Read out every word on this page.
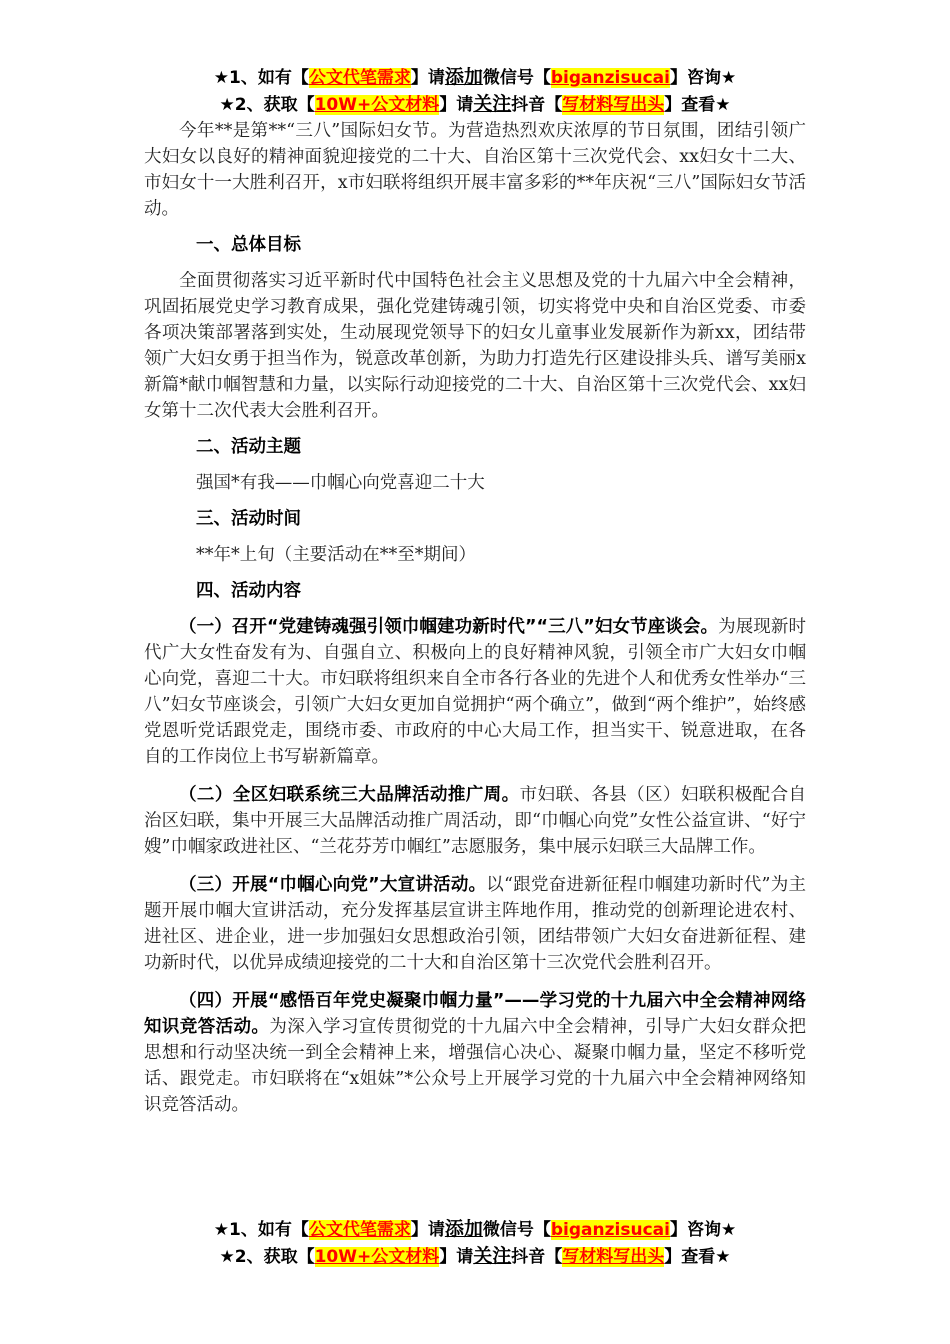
★1、如有【公文代笔需求】请添加微信号【biganzisucai】咨询★
★2、获取【10W+公文材料】请关注抖音【写材料写出头】查看★

今年**是第**“三八”国际妇女节。为营造热烈欢庆浓厚的节日氛围，团结引领广大妇女以良好的精神面貌迎接党的二十大、自治区第十三次党代会、xx妇女十二大、市妇女十一大胜利召开，x市妇联将组织开展丰富多彩的**年庆祝“三八”国际妇女节活动。

一、总体目标

全面贯彻落实习近平新时代中国特色社会主义思想及党的十九届六中全会精神，巩固拓展党史学习教育成果，强化党建铸魂引领，切实将党中央和自治区党委、市委各项决策部署落到实处，生动展现党领导下的妇女儿童事业发展新作为新xx，团结带领广大妇女勇于担当作为，锐意改革创新，为助力打造先行区建设排头兵、谱写美丽x新篇*献巾帼智慧和力量，以实际行动迎接党的二十大、自治区第十三次党代会、xx妇女第十二次代表大会胜利召开。

二、活动主题

强国*有我——巾帼心向党喜迎二十大

三、活动时间

**年*上旬（主要活动在**至*期间）

四、活动内容

（一）召开“党建铸魂强引领巾帼建功新时代”“三八”妇女节座谈会。为展现新时代广大女性奋发有为、自强自立、积极向上的良好精神风貌，引领全市广大妇女巾帼心向党，喜迎二十大。市妇联将组织来自全市各行各业的先进个人和优秀女性举办“三八”妇女节座谈会，引领广大妇女更加自觉拥护“两个确立”，做到“两个维护”，始终感党恩听党话跟党走，围绕市委、市政府的中心大局工作，担当实干、锐意进取，在各自的工作岗位上书写崭新篇章。

（二）全区妇联系统三大品牌活动推广周。市妇联、各县（区）妇联积极配合自治区妇联，集中开展三大品牌活动推广周活动，即“巾帼心向党”女性公益宣讲、“好宁嫂”巾帼家政进社区、“兰花芬芳巾帼红”志愿服务，集中展示妇联三大品牌工作。

（三）开展“巾帼心向党”大宣讲活动。以“跟党奋进新征程巾帼建功新时代”为主题开展巾帼大宣讲活动，充分发挥基层宣讲主阵地作用，推动党的创新理论进农村、进社区、进企业，进一步加强妇女思想政治引领，团结带领广大妇女奋进新征程、建功新时代，以优异成绩迎接党的二十大和自治区第十三次党代会胜利召开。

（四）开展“感悟百年党史凝聚巾帼力量”——学习党的十九届六中全会精神网络知识竞答活动。为深入学习宣传贯彻党的十九届六中全会精神，引导广大妇女群众把思想和行动坚决统一到全会精神上来，增强信心决心、凝聚巾帼力量，坚定不移听党话、跟党走。市妇联将在“x姐妹”*公众号上开展学习党的十九届六中全会精神网络知识竞答活动。

★1、如有【公文代笔需求】请添加微信号【biganzisucai】咨询★
★2、获取【10W+公文材料】请关注抖音【写材料写出头】查看★
